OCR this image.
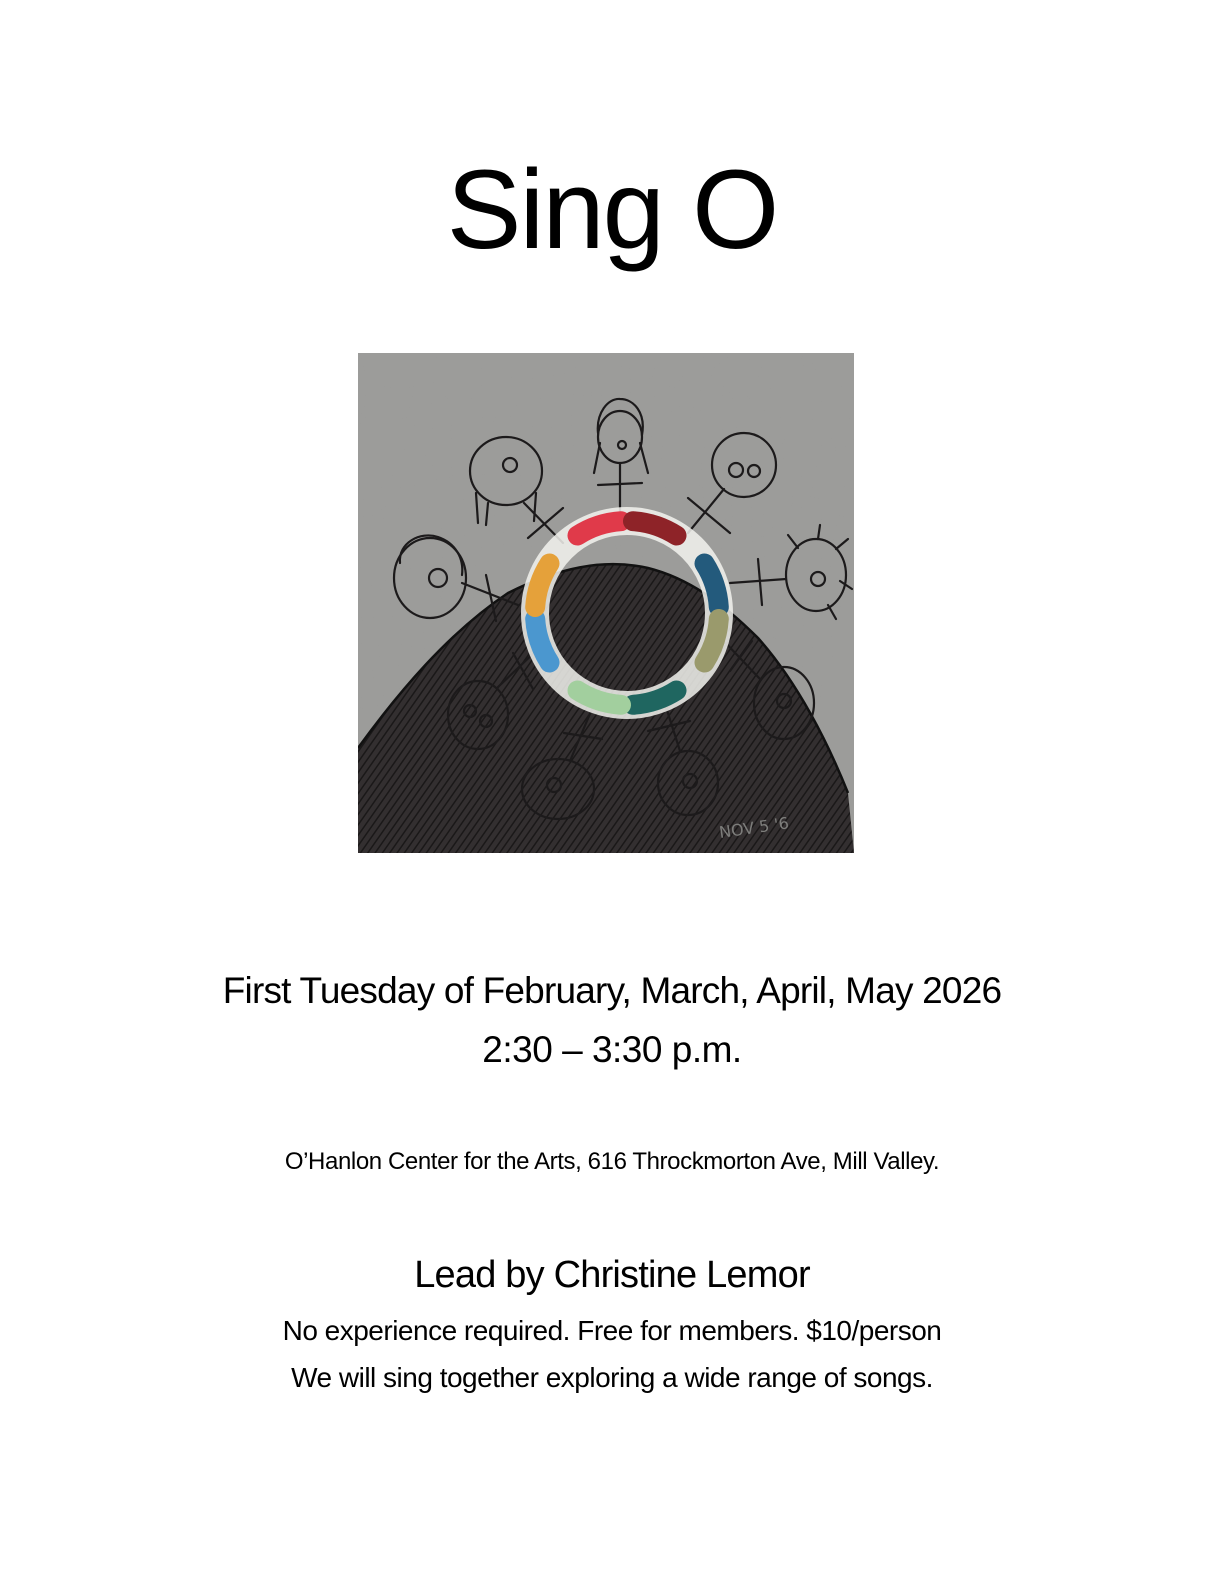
Sing O
NOV 5 '6
First Tuesday of February, March, April, May 2026
2:30 – 3:30 p.m.
O’Hanlon Center for the Arts, 616 Throckmorton Ave, Mill Valley.
Lead by Christine Lemor
No experience required. Free for members. $10/person
We will sing together exploring a wide range of songs.
